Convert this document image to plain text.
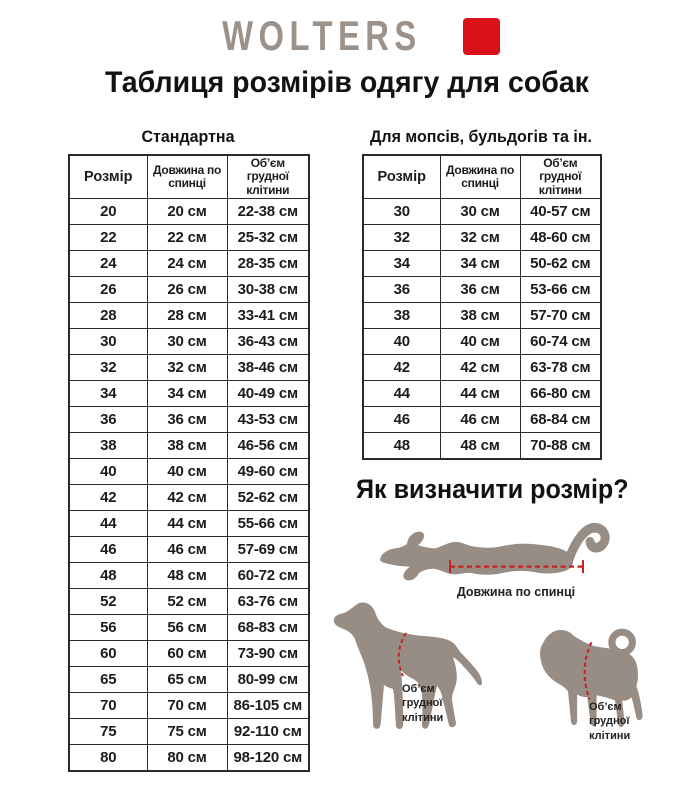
WOLTERS
Таблиця розмірів одягу для собак
Стандартна
Розмір	Довжина по спинці	Об’єм грудної клітини
20	20 см	22-38 см
22	22 см	25-32 см
24	24 см	28-35 см
26	26 см	30-38 см
28	28 см	33-41 см
30	30 см	36-43 см
32	32 см	38-46 см
34	34 см	40-49 см
36	36 см	43-53 см
38	38 см	46-56 см
40	40 см	49-60 см
42	42 см	52-62 см
44	44 см	55-66 см
46	46 см	57-69 см
48	48 см	60-72 см
52	52 см	63-76 см
56	56 см	68-83 см
60	60 см	73-90 см
65	65 см	80-99 см
70	70 см	86-105 см
75	75 см	92-110 см
80	80 см	98-120 см
Для мопсів, бульдогів та ін.
Розмір	Довжина по спинці	Об’єм грудної клітини
30	30 см	40-57 см
32	32 см	48-60 см
34	34 см	50-62 см
36	36 см	53-66 см
38	38 см	57-70 см
40	40 см	60-74 см
42	42 см	63-78 см
44	44 см	66-80 см
46	46 см	68-84 см
48	48 см	70-88 см
Як визначити розмір?
Довжина по спинці
Об’єм
грудної
клітини
Об’єм
грудної
клітини
